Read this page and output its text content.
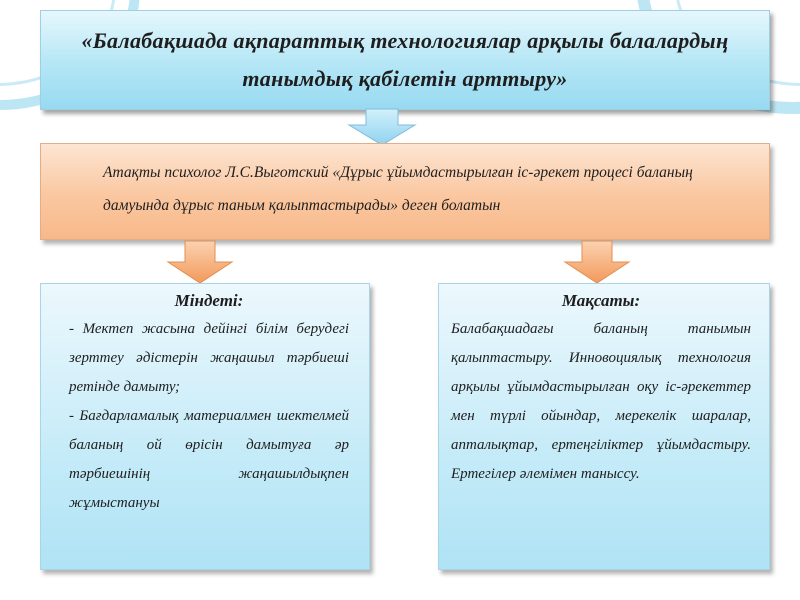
«Балабақшада ақпараттық технологиялар арқылы балалардың танымдық қабілетін арттыру»
Атақты психолог Л.С.Выготский «Дұрыс ұйымдастырылған іс-әрекет процесі баланың дамуында дұрыс таным қалыптастырады» деген болатын
Міндеті:

- Мектеп жасына дейінгі білім берудегі зерттеу әдістерін жаңашыл тәрбиеші ретінде дамыту;

- Бағдарламалық материалмен шектелмей баланың ой өрісін дамытуға әр тәрбиешінің жаңашылдықпен жұмыстануы

Мақсаты:
Балабақшадағы баланың танымын қалыптастыру. Инновоциялық технология арқылы ұйымдастырылған оқу іс-әрекеттер мен түрлі ойындар, мерекелік шаралар, апталықтар, ертеңгіліктер ұйымдастыру. Ертегілер әлемімен таныссу.
